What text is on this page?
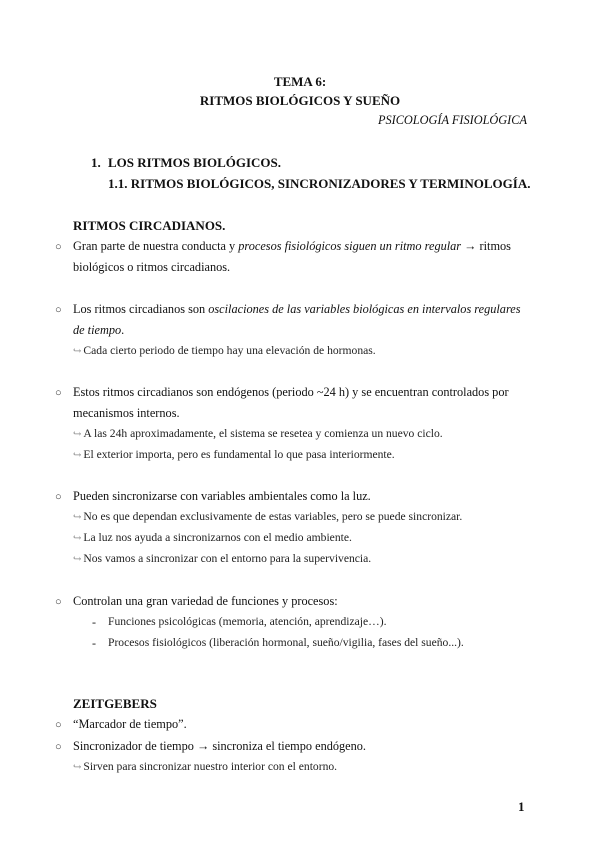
TEMA 6:
RITMOS BIOLÓGICOS Y SUEÑO
PSICOLOGÍA FISIOLÓGICA
1. LOS RITMOS BIOLÓGICOS.
1.1. RITMOS BIOLÓGICOS, SINCRONIZADORES Y TERMINOLOGÍA.
RITMOS CIRCADIANOS.
○ Gran parte de nuestra conducta y procesos fisiológicos siguen un ritmo regular → ritmos
biológicos o ritmos circadianos.
○ Los ritmos circadianos son oscilaciones de las variables biológicas en intervalos regulares
de tiempo.
↪ Cada cierto periodo de tiempo hay una elevación de hormonas.
○ Estos ritmos circadianos son endógenos (periodo ~24 h) y se encuentran controlados por
mecanismos internos.
↪ A las 24h aproximadamente, el sistema se resetea y comienza un nuevo ciclo.
↪ El exterior importa, pero es fundamental lo que pasa interiormente.
○ Pueden sincronizarse con variables ambientales como la luz.
↪ No es que dependan exclusivamente de estas variables, pero se puede sincronizar.
↪ La luz nos ayuda a sincronizarnos con el medio ambiente.
↪ Nos vamos a sincronizar con el entorno para la supervivencia.
○ Controlan una gran variedad de funciones y procesos:
- Funciones psicológicas (memoria, atención, aprendizaje…).
- Procesos fisiológicos (liberación hormonal, sueño/vigilia, fases del sueño...).
ZEITGEBERS
○ “Marcador de tiempo”.
○ Sincronizador de tiempo → sincroniza el tiempo endógeno.
↪ Sirven para sincronizar nuestro interior con el entorno.
1
